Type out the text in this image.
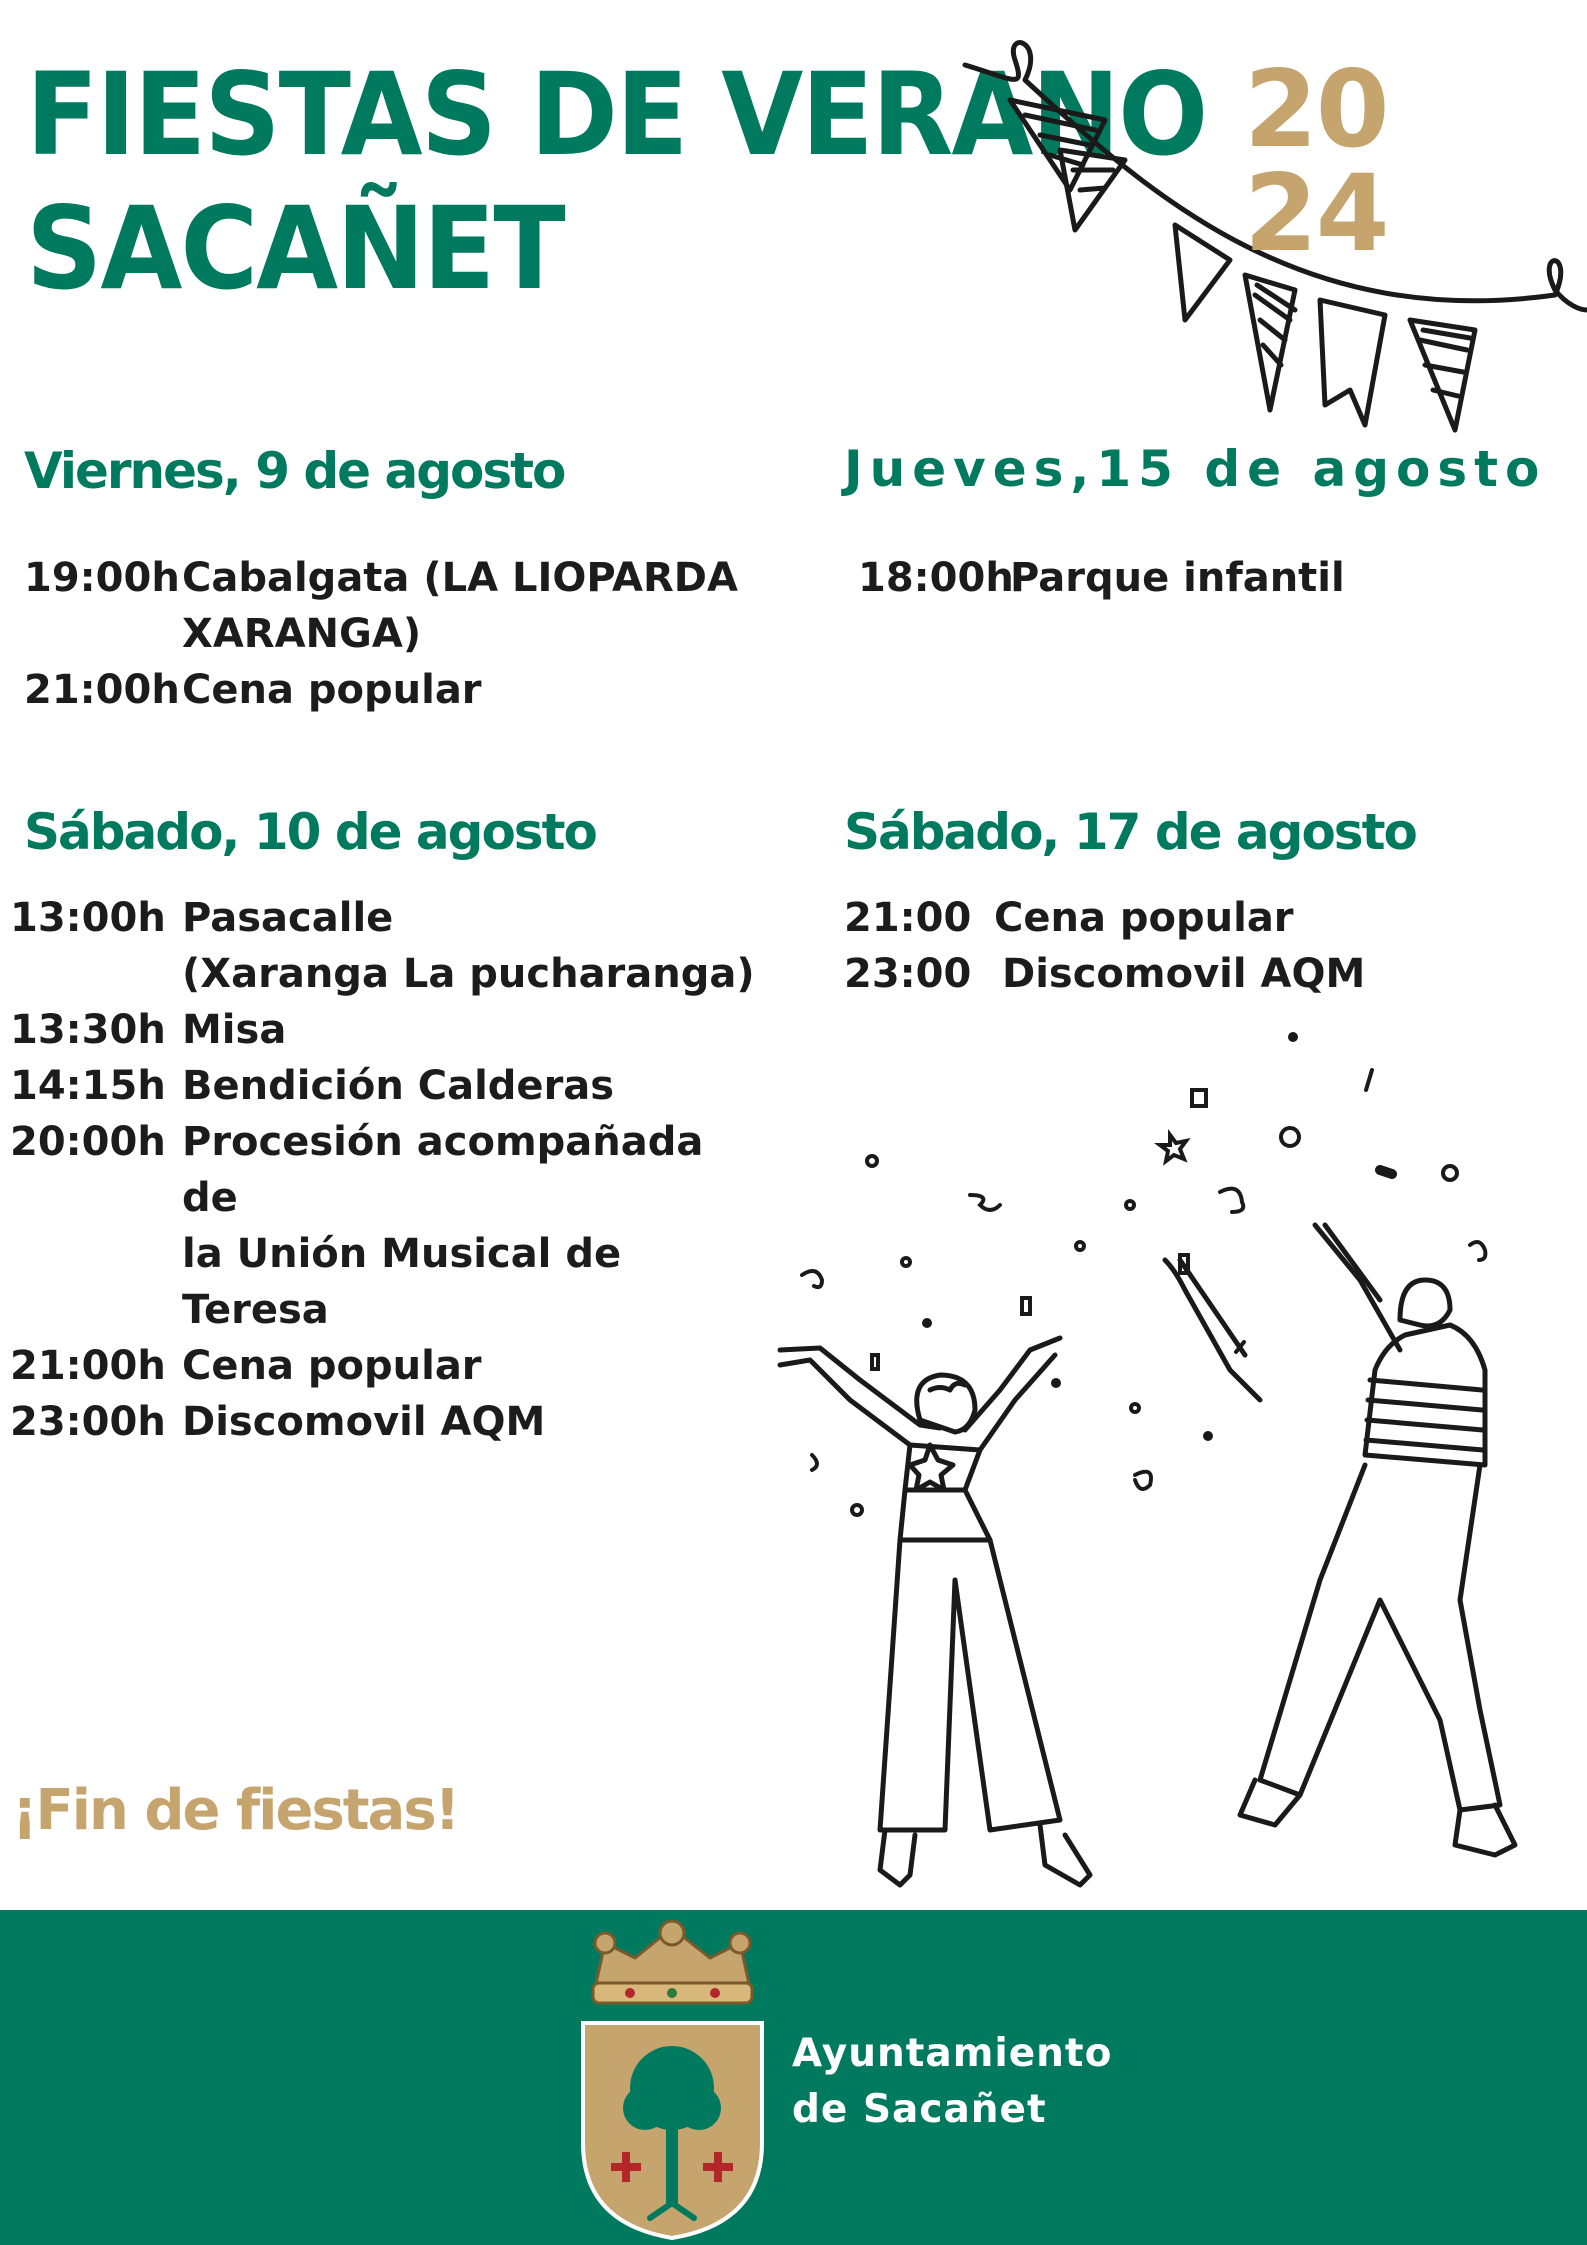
FIESTAS DE VERANO
SACAÑET
20
24
Viernes, 9 de agosto
19:00h Cabalgata (LA LIOPARDA
XARANGA)
21:00h Cena popular
Jueves,15 de agosto
18:00h
Parque infantil
Sábado, 10 de agosto
13:00h Pasacalle
(Xaranga La pucharanga)
13:30h Misa
14:15h Bendición Calderas
20:00h Procesión acompañada de
la Unión Musical de Teresa
21:00h Cena popular
23:00h Discomovil AQM
Sábado, 17 de agosto
21:00 Cena popular
23:00 Discomovil AQM

¡Fin de fiestas!

Ayuntamiento
de Sacañet
